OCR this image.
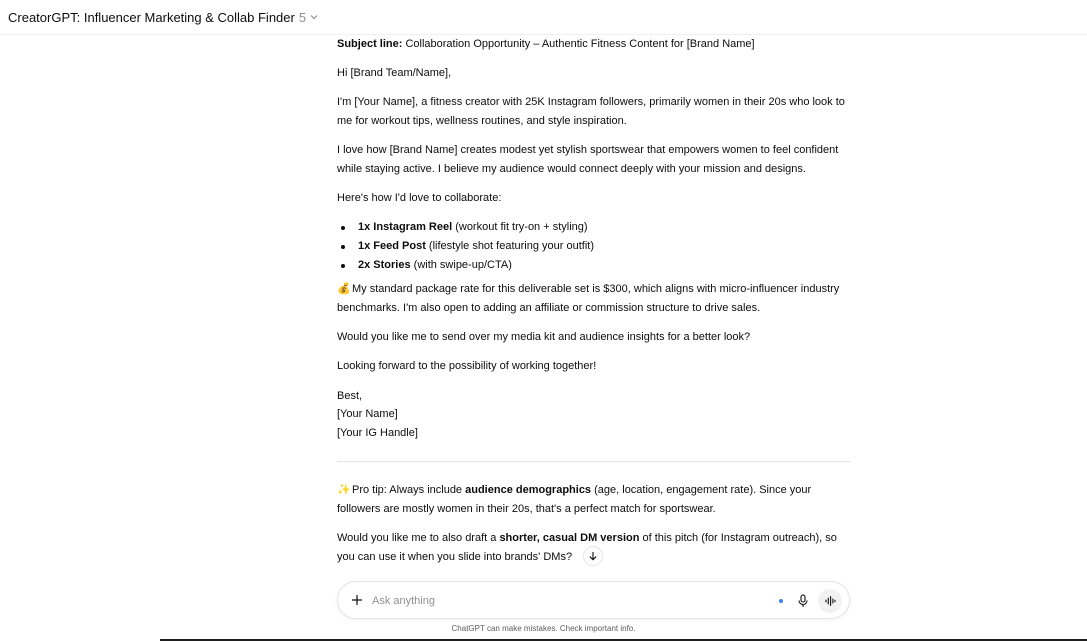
CreatorGPT: Influencer Marketing & Collab Finder 5

Subject line: Collaboration Opportunity – Authentic Fitness Content for [Brand Name]

Hi [Brand Team/Name],

I'm [Your Name], a fitness creator with 25K Instagram followers, primarily women in their 20s who look to me for workout tips, wellness routines, and style inspiration.

I love how [Brand Name] creates modest yet stylish sportswear that empowers women to feel confident while staying active. I believe my audience would connect deeply with your mission and designs.

Here's how I'd love to collaborate:

1x Instagram Reel (workout fit try-on + styling)
1x Feed Post (lifestyle shot featuring your outfit)
2x Stories (with swipe-up/CTA)

💰My standard package rate for this deliverable set is $300, which aligns with micro-influencer industry benchmarks. I'm also open to adding an affiliate or commission structure to drive sales.

Would you like me to send over my media kit and audience insights for a better look?

Looking forward to the possibility of working together!

Best,

[Your Name]

[Your IG Handle]

✨Pro tip: Always include audience demographics (age, location, engagement rate). Since your followers are mostly women in their 20s, that's a perfect match for sportswear.

Would you like me to also draft a shorter, casual DM version of this pitch (for Instagram outreach), so you can use it when you slide into brands' DMs?

Ask anything
ChatGPT can make mistakes. Check important info.
